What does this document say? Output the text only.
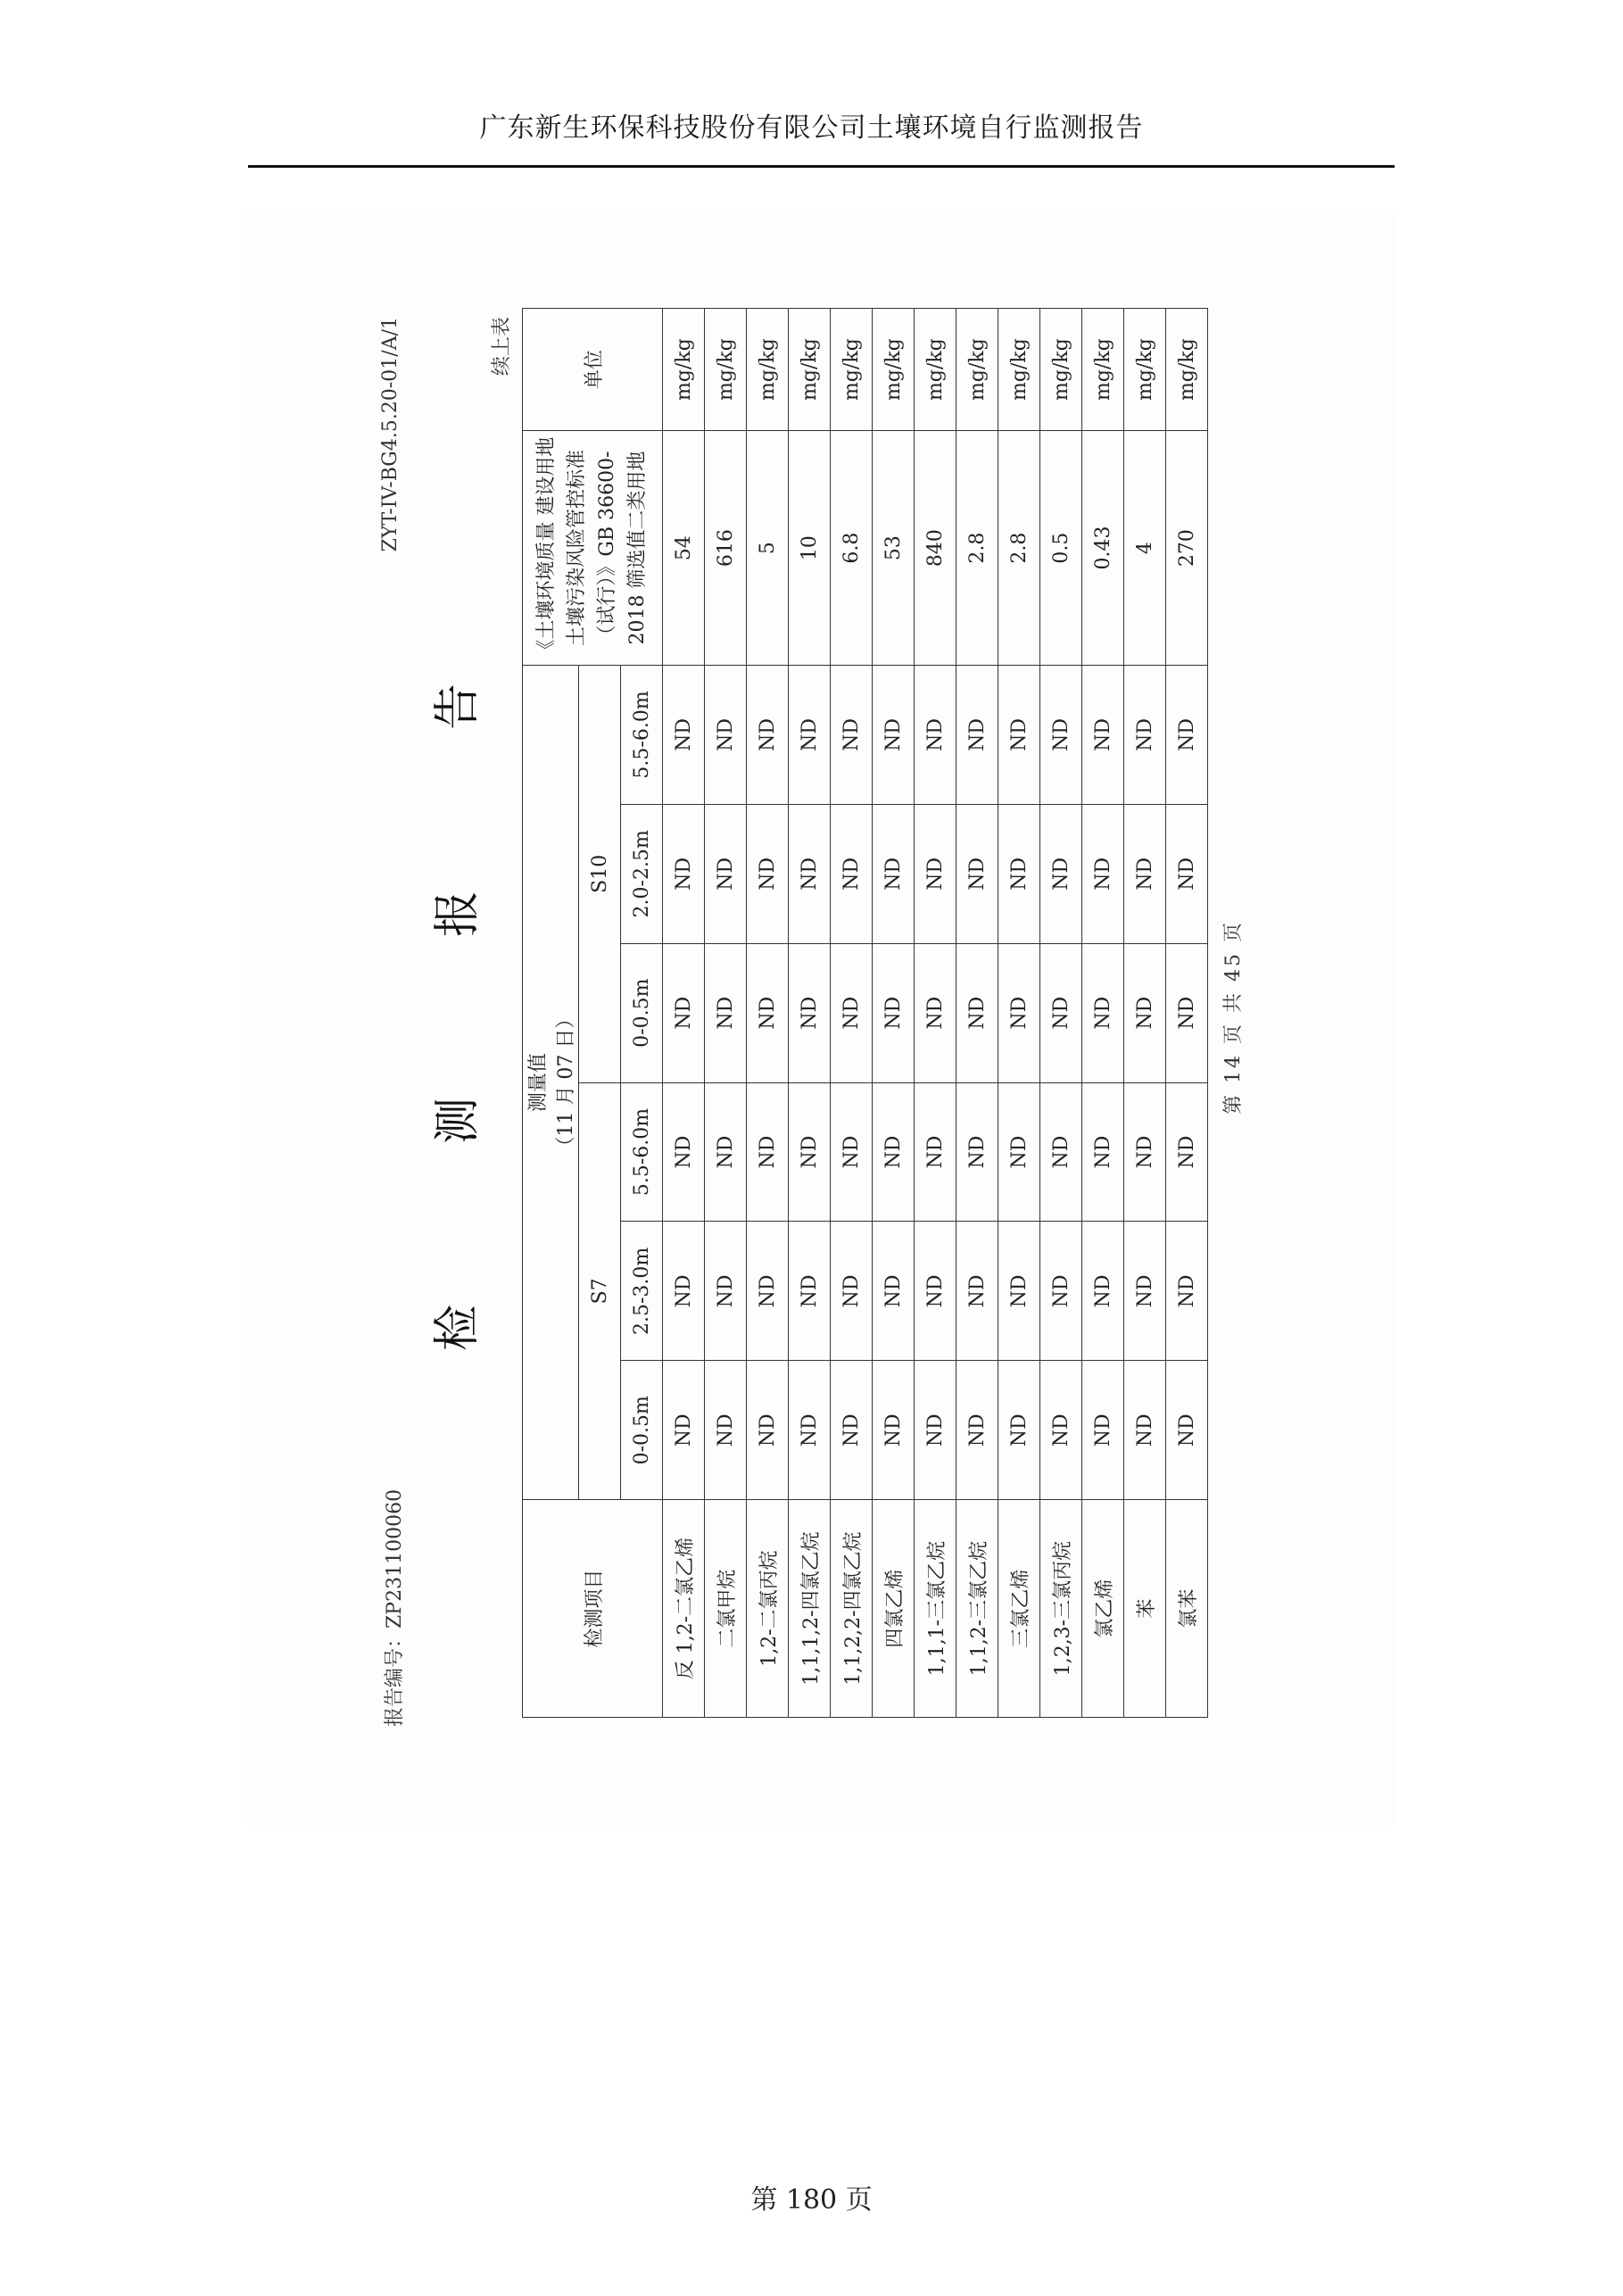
广东新生环保科技股份有限公司土壤环境自行监测报告
报告编号：ZP231100060
ZYT-IV-BG4.5.20-01/A/1
检测报告
续上表
检测项目	测量值 （11 月 07 日）						《土壤环境质量 建设用地土壤污染风险管控标准（试行）》GB 36600-2018 筛选值二类用地	单位
	S7			S10				
	0-0.5m	2.5-3.0m	5.5-6.0m	0-0.5m	2.0-2.5m	5.5-6.0m		
反 1,2-二氯乙烯	ND	ND	ND	ND	ND	ND	54	mg/kg
二氯甲烷	ND	ND	ND	ND	ND	ND	616	mg/kg
1,2-二氯丙烷	ND	ND	ND	ND	ND	ND	5	mg/kg
1,1,1,2-四氯乙烷	ND	ND	ND	ND	ND	ND	10	mg/kg
1,1,2,2-四氯乙烷	ND	ND	ND	ND	ND	ND	6.8	mg/kg
四氯乙烯	ND	ND	ND	ND	ND	ND	53	mg/kg
1,1,1-三氯乙烷	ND	ND	ND	ND	ND	ND	840	mg/kg
1,1,2-三氯乙烷	ND	ND	ND	ND	ND	ND	2.8	mg/kg
三氯乙烯	ND	ND	ND	ND	ND	ND	2.8	mg/kg
1,2,3-三氯丙烷	ND	ND	ND	ND	ND	ND	0.5	mg/kg
氯乙烯	ND	ND	ND	ND	ND	ND	0.43	mg/kg
苯	ND	ND	ND	ND	ND	ND	4	mg/kg
氯苯	ND	ND	ND	ND	ND	ND	270	mg/kg
第 14 页 共 45 页
第 180 页
